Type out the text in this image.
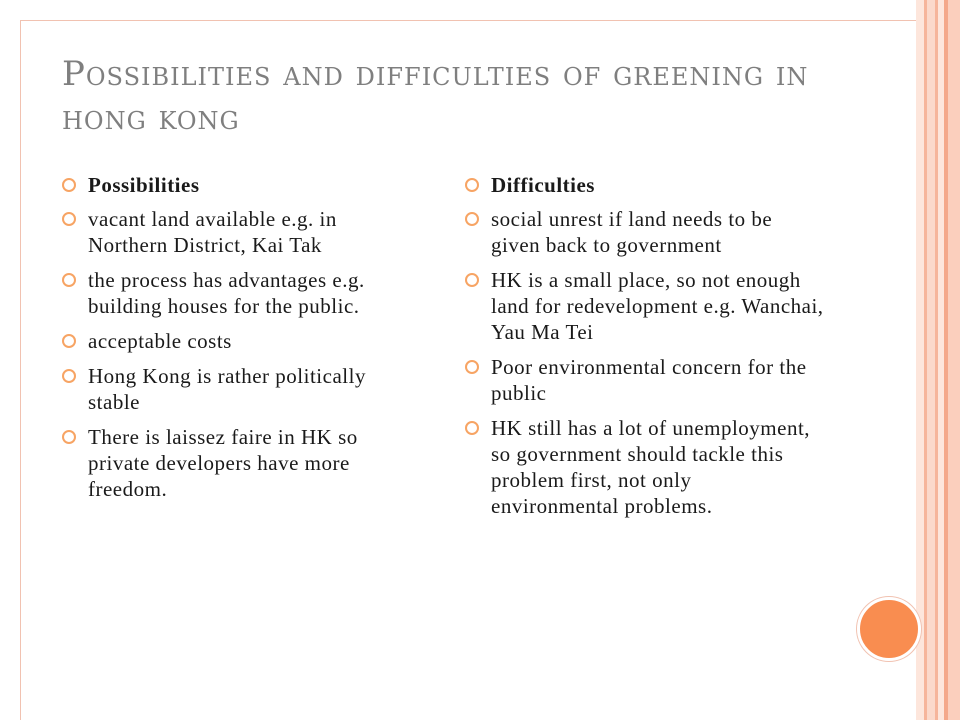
Possibilities and difficulties of greening in hong kong
Possibilities
vacant land available e.g. in Northern District, Kai Tak
the process has advantages e.g. building houses for the public.
acceptable costs
Hong Kong is rather politically stable
There is laissez faire in HK so private developers have more freedom.
Difficulties
social unrest if land needs to be given back to government
HK is a small place, so not enough land for redevelopment e.g. Wanchai, Yau Ma Tei
Poor environmental concern for the public
HK still has a lot of unemployment, so government should tackle this problem first, not only environmental problems.
